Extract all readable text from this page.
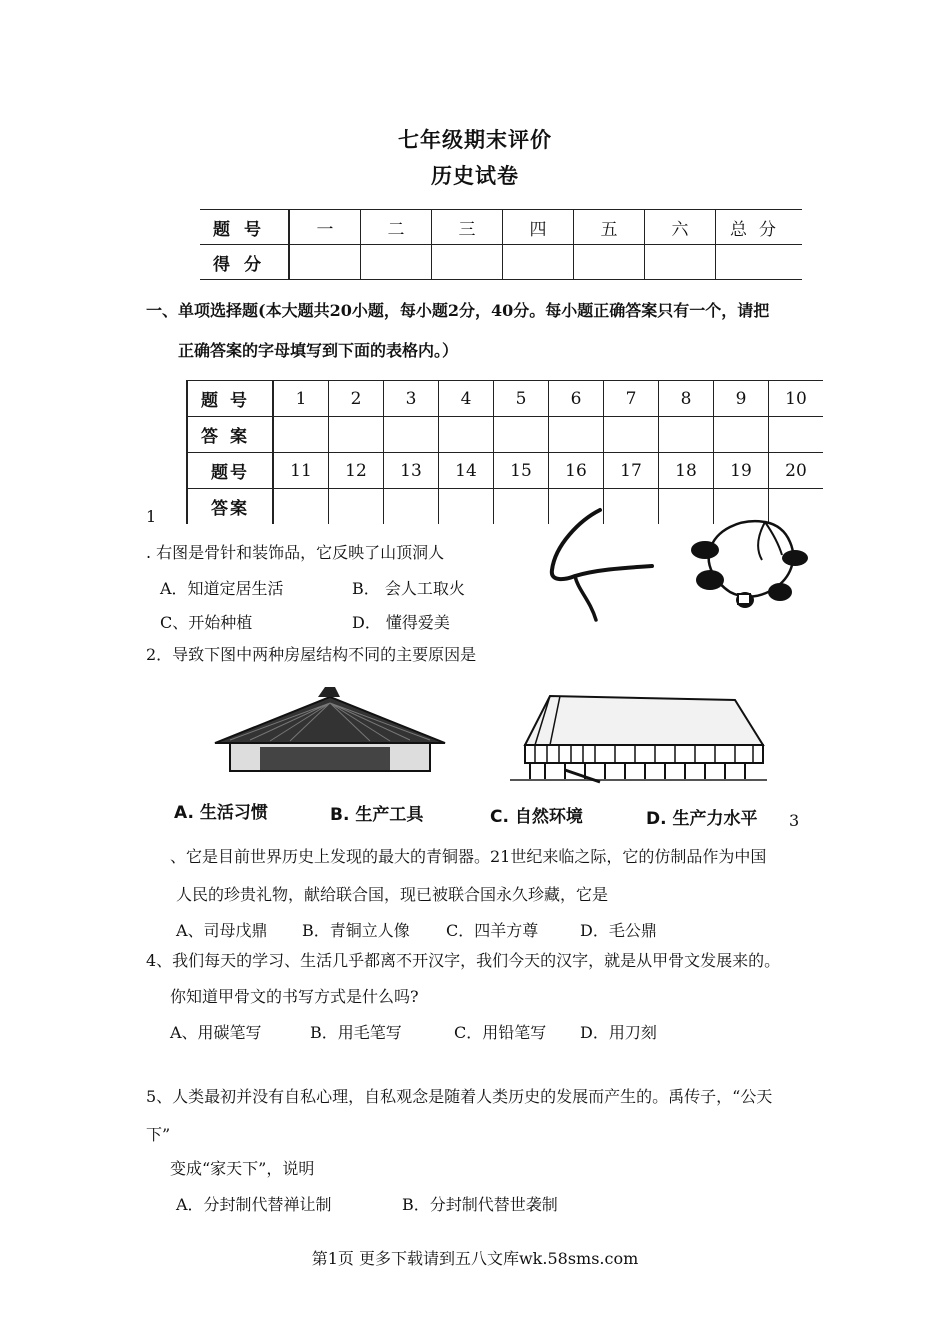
七年级期末评价
历史试卷
题号	一	二	三	四	五	六	总分
得分							
一、单项选择题(本大题共20小题，每小题2分，40分。每小题正确答案只有一个，请把
正确答案的字母填写到下面的表格内。）
题号	1	2	3	4	5	6	7	8	9	10
答案										
题号	11	12	13	14	15	16	17	18	19	20
答案										
1
. 右图是骨针和装饰品，它反映了山顶洞人
A．知道定居生活	B． 会人工取火
C、开始种植	D． 懂得爱美
2．导致下图中两种房屋结构不同的主要原因是
A. 生活习惯	B. 生产工具	C. 自然环境	D. 生产力水平 3
、它是目前世界历史上发现的最大的青铜器。21世纪来临之际，它的仿制品作为中国
人民的珍贵礼物，献给联合国，现已被联合国永久珍藏，它是
A、司母戊鼎 B．青铜立人像 C．四羊方尊	D．毛公鼎
4、我们每天的学习、生活几乎都离不开汉字，我们今天的汉字，就是从甲骨文发展来的。
你知道甲骨文的书写方式是什么吗?
A、用碳笔写	B．用毛笔写	C．用铅笔写 D．用刀刻
5、人类最初并没有自私心理，自私观念是随着人类历史的发展而产生的。禹传子，“公天
下”
变成“家天下”，说明
A．分封制代替禅让制	B．分封制代替世袭制
第1页 更多下载请到五八文库wk.58sms.com
